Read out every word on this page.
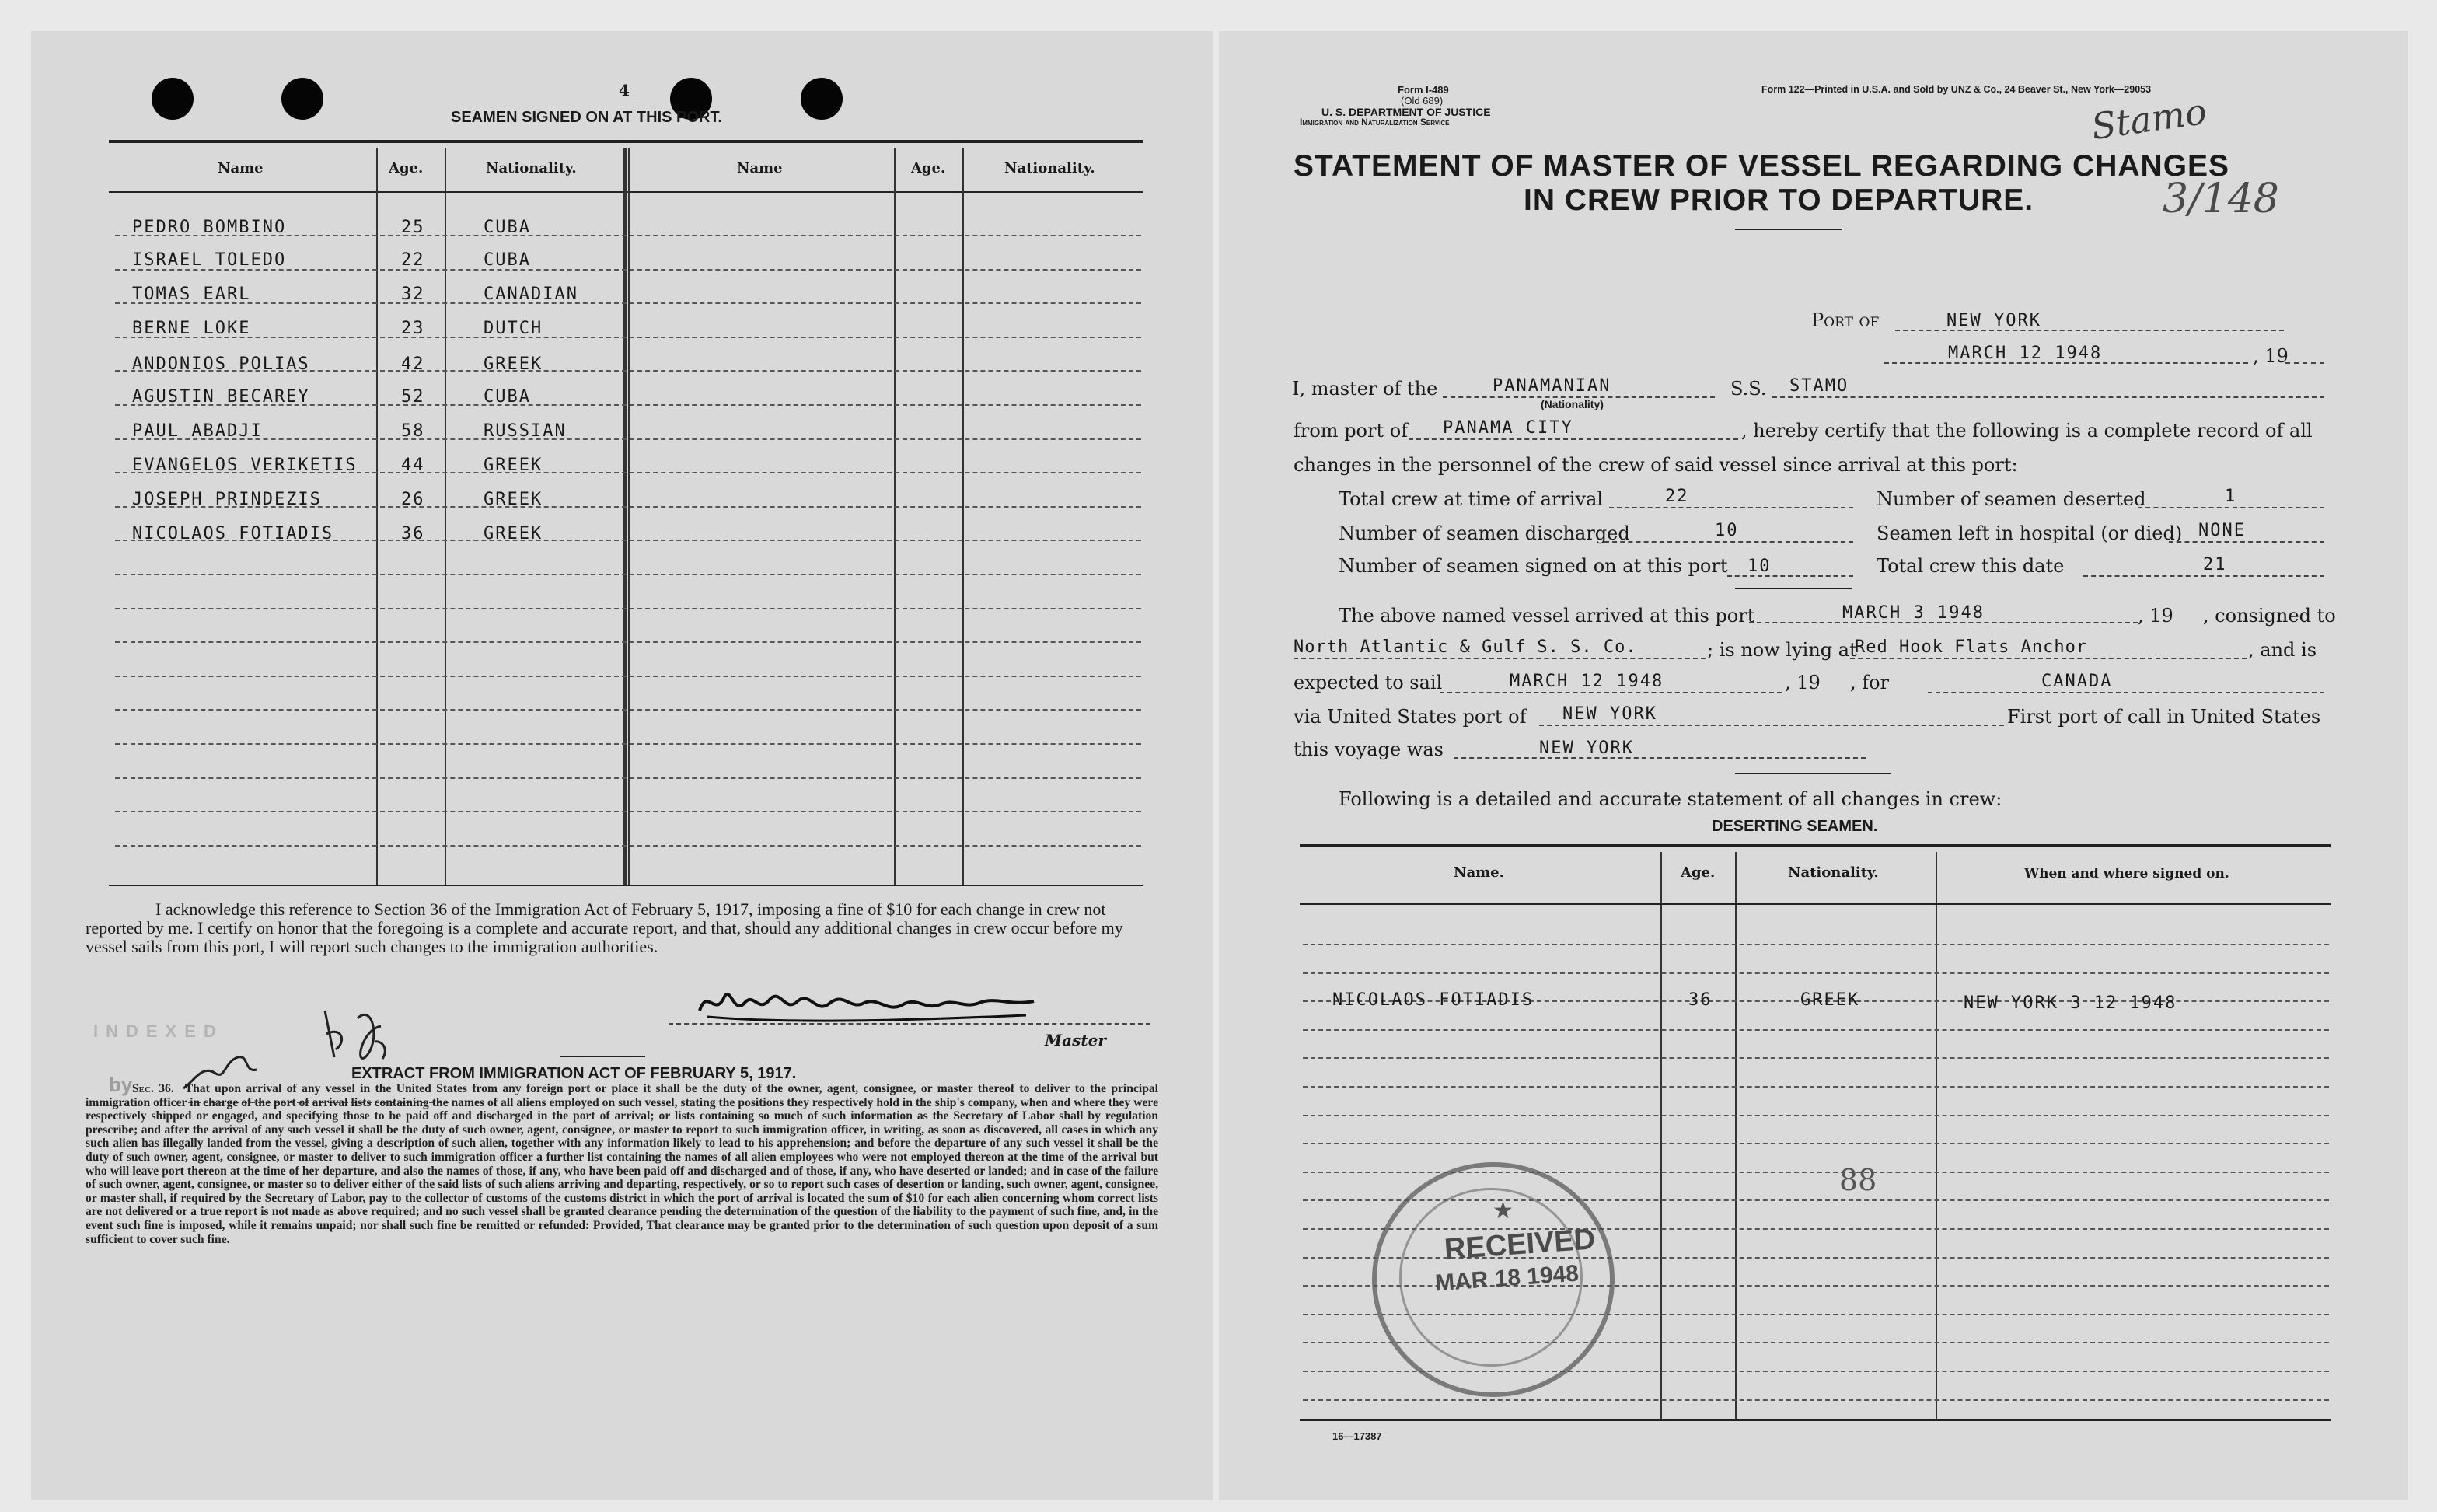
4
SEAMEN SIGNED ON AT THIS PORT.
Name	Age.	Nationality.	Name	Age.	Nationality.
PEDRO BOMBINO	25	CUBA
ISRAEL TOLEDO	22	CUBA
TOMAS EARL	32	CANADIAN
BERNE LOKE	23	DUTCH
ANDONIOS POLIAS	42	GREEK
AGUSTIN BECAREY	52	CUBA
PAUL ABADJI	58	RUSSIAN
EVANGELOS VERIKETIS	44	GREEK
JOSEPH PRINDEZIS	26	GREEK
NICOLAOS FOTIADIS	36	GREEK
I acknowledge this reference to Section 36 of the Immigration Act of February 5, 1917, imposing a fine of $10 for each change in crew not reported by me. I certify on honor that the foregoing is a complete and accurate report, and that, should any additional changes in crew occur before my vessel sails from this port, I will report such changes to the immigration authorities.
Master
INDEXED
by	EXTRACT FROM IMMIGRATION ACT OF FEBRUARY 5, 1917.
Sec. 36. That upon arrival of any vessel in the United States from any foreign port or place it shall be the duty of the owner, agent, consignee, or master thereof to deliver to the principal immigration officer in charge of the port of arrival lists containing the names of all aliens employed on such vessel, stating the positions they respectively hold in the ship's company, when and where they were respectively shipped or engaged, and specifying those to be paid off and discharged in the port of arrival; or lists containing so much of such information as the Secretary of Labor shall by regulation prescribe; and after the arrival of any such vessel it shall be the duty of such owner, agent, consignee, or master to report to such immigration officer, in writing, as soon as discovered, all cases in which any such alien has illegally landed from the vessel, giving a description of such alien, together with any information likely to lead to his apprehension; and before the departure of any such vessel it shall be the duty of such owner, agent, consignee, or master to deliver to such immigration officer a further list containing the names of all alien employees who were not employed thereon at the time of the arrival but who will leave port thereon at the time of her departure, and also the names of those, if any, who have been paid off and discharged and of those, if any, who have deserted or landed; and in case of the failure of such owner, agent, consignee, or master so to deliver either of the said lists of such aliens arriving and departing, respectively, or so to report such cases of desertion or landing, such owner, agent, consignee, or master shall, if required by the Secretary of Labor, pay to the collector of customs of the customs district in which the port of arrival is located the sum of $10 for each alien concerning whom correct lists are not delivered or a true report is not made as above required; and no such vessel shall be granted clearance pending the determination of the question of the liability to the payment of such fine, and, in the event such fine is imposed, while it remains unpaid; nor shall such fine be remitted or refunded: Provided, That clearance may be granted prior to the determination of such question upon deposit of a sum sufficient to cover such fine.
Form I-489
(Old 689)
U. S. DEPARTMENT OF JUSTICE
Immigration and Naturalization Service
Form 122—Printed in U.S.A. and Sold by UNZ & Co., 24 Beaver St., New York—29053
Stamo
3/148
STATEMENT OF MASTER OF VESSEL REGARDING CHANGES
IN CREW PRIOR TO DEPARTURE.
Port of	NEW YORK
MARCH 12 1948	, 19
I, master of the	PANAMANIAN
(Nationality)
S.S. STAMO
from port of PANAMA CITY	, hereby certify that the following is a complete record of all
changes in the personnel of the crew of said vessel since arrival at this port:
Total crew at time of arrival	22	Number of seamen deserted	1
Number of seamen discharged	10	Seamen left in hospital (or died) NONE
Number of seamen signed on at this port 10	Total crew this date	21
The above named vessel arrived at this port	MARCH 3 1948	, 19     , consigned to
North Atlantic & Gulf S. S. Co.	; is now lying at
Red Hook Flats Anchor	, and is
expected to sail	MARCH 12 1948	, 19     , for	CANADA
via United States port of NEW YORK	First port of call in United States
this voyage was	NEW YORK
Following is a detailed and accurate statement of all changes in crew:
DESERTING SEAMEN.
Name.	Age.	Nationality.	When and where signed on.
NICOLAOS FOTIADIS	36	GREEK	NEW YORK 3 12 1948
88
★
RECEIVED
MAR 18 1948
16—17387
